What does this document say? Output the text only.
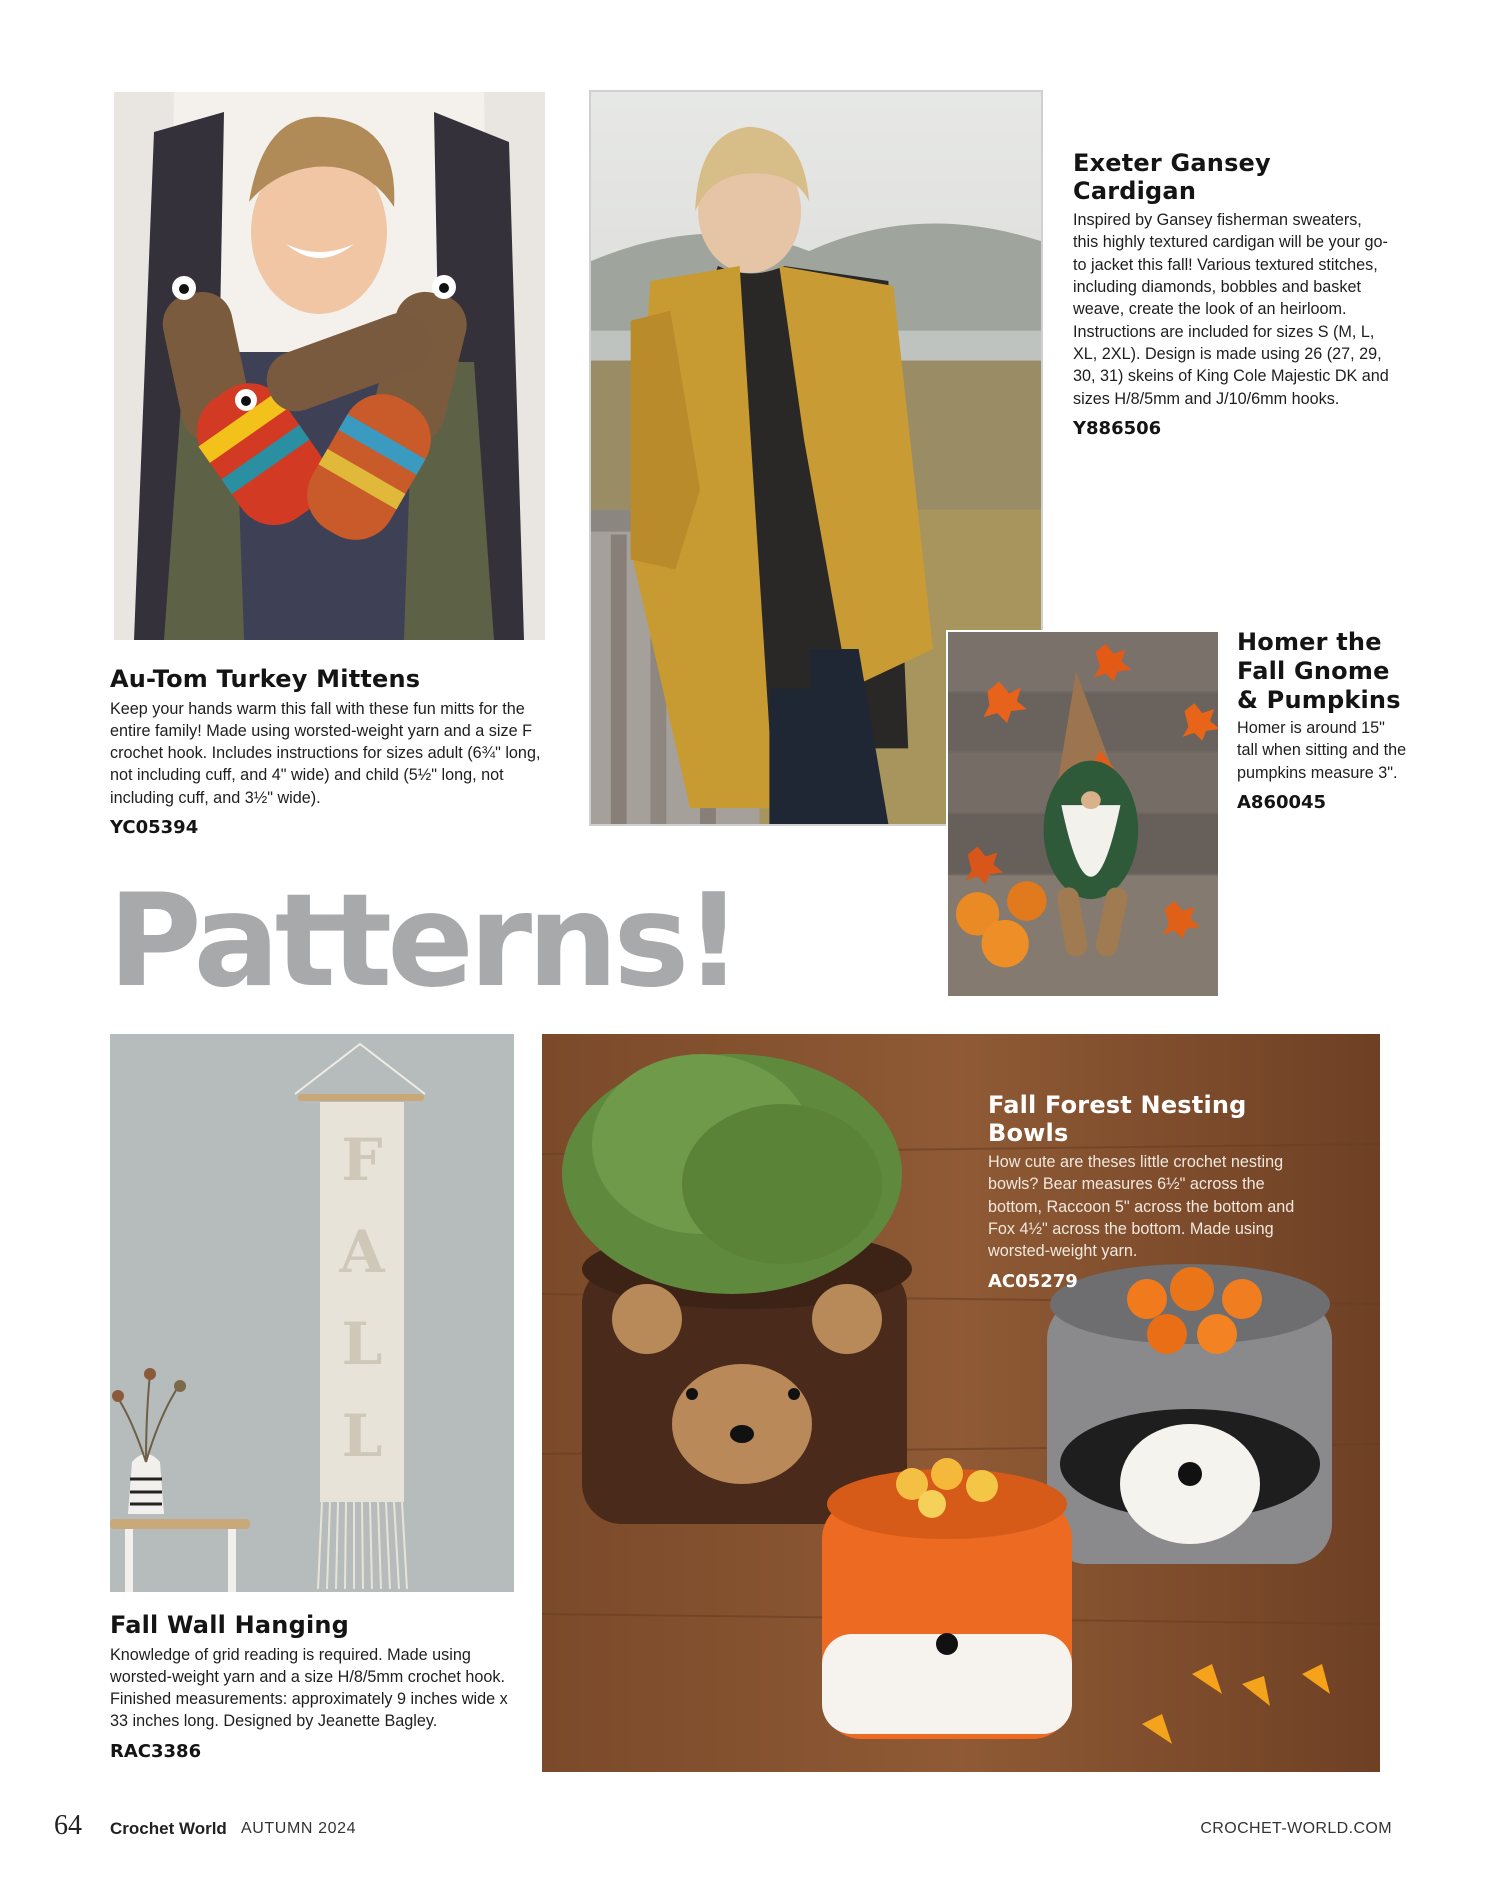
Au-Tom Turkey Mittens

Keep your hands warm this fall with these fun mitts for the entire family! Made using worsted-weight yarn and a size F crochet hook. Includes instructions for sizes adult (6¾" long, not including cuff, and 4" wide) and child (5½" long, not including cuff, and 3½" wide).

YC05394
Exeter Gansey Cardigan

Inspired by Gansey fisherman sweaters, this highly textured cardigan will be your go-to jacket this fall! Various textured stitches, including diamonds, bobbles and basket weave, create the look of an heirloom. Instructions are included for sizes S (M, L, XL, 2XL). Design is made using 26 (27, 29, 30, 31) skeins of King Cole Majestic DK and sizes H/8/5mm and J/10/6mm hooks.

Y886506
Homer the
Fall Gnome
& Pumpkins

Homer is around 15" tall when sitting and the pumpkins measure 3".

A860045
Patterns!
F
A
L
L
Fall Wall Hanging

Knowledge of grid reading is required. Made using worsted-weight yarn and a size H/8/5mm crochet hook. Finished measurements: approximately 9 inches wide x 33 inches long. Designed by Jeanette Bagley.

RAC3386
Fall Forest Nesting Bowls

How cute are theses little crochet nesting bowls? Bear measures 6½" across the bottom, Raccoon 5" across the bottom and Fox 4½" across the bottom. Made using worsted-weight yarn.

AC05279
64 Crochet World AUTUMN 2024	CROCHET-WORLD.COM
